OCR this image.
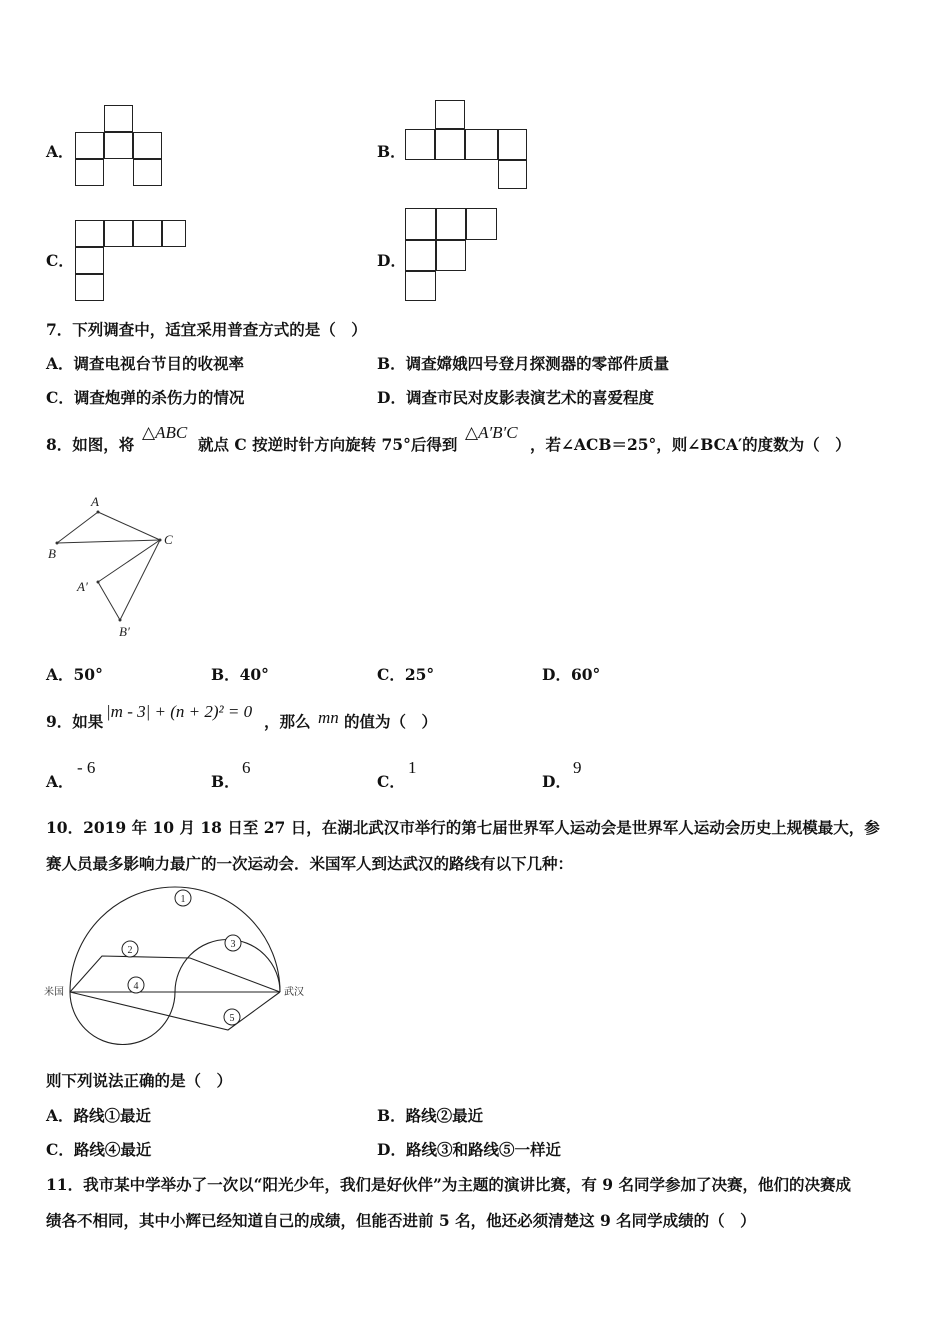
A．	B．
C．	D．
7．下列调查中，适宜采用普查方式的是（　）
A．调查电视台节目的收视率	B．调查嫦娥四号登月探测器的零部件质量
C．调查炮弹的杀伤力的情况	D．调查市民对皮影表演艺术的喜爱程度
8．如图，将
△ABC
就点 C 按逆时针方向旋转 75°后得到
△A′B′C
，若∠ACB＝25°，则∠BCA′的度数为（　）
A
B
C
A′
B′
A．50°	B．40°	C．25°	D．60°
9．如果
|m - 3| + (n + 2)² = 0
，那么 mn 的值为（　）
A．
- 6
B．
6
C．
1
D．
9
10．2019 年 10 月 18 日至 27 日，在湖北武汉市举行的第七届世界军人运动会是世界军人运动会历史上规模最大，参
赛人员最多影响力最广的一次运动会．米国军人到达武汉的路线有以下几种：
1
2
3
4
5
米国	武汉
则下列说法正确的是（　）
A．路线①最近	B．路线②最近
C．路线④最近	D．路线③和路线⑤一样近
11．我市某中学举办了一次以“阳光少年，我们是好伙伴”为主题的演讲比赛，有 9 名同学参加了决赛，他们的决赛成
绩各不相同，其中小辉已经知道自己的成绩，但能否进前 5 名，他还必须清楚这 9 名同学成绩的（　）
